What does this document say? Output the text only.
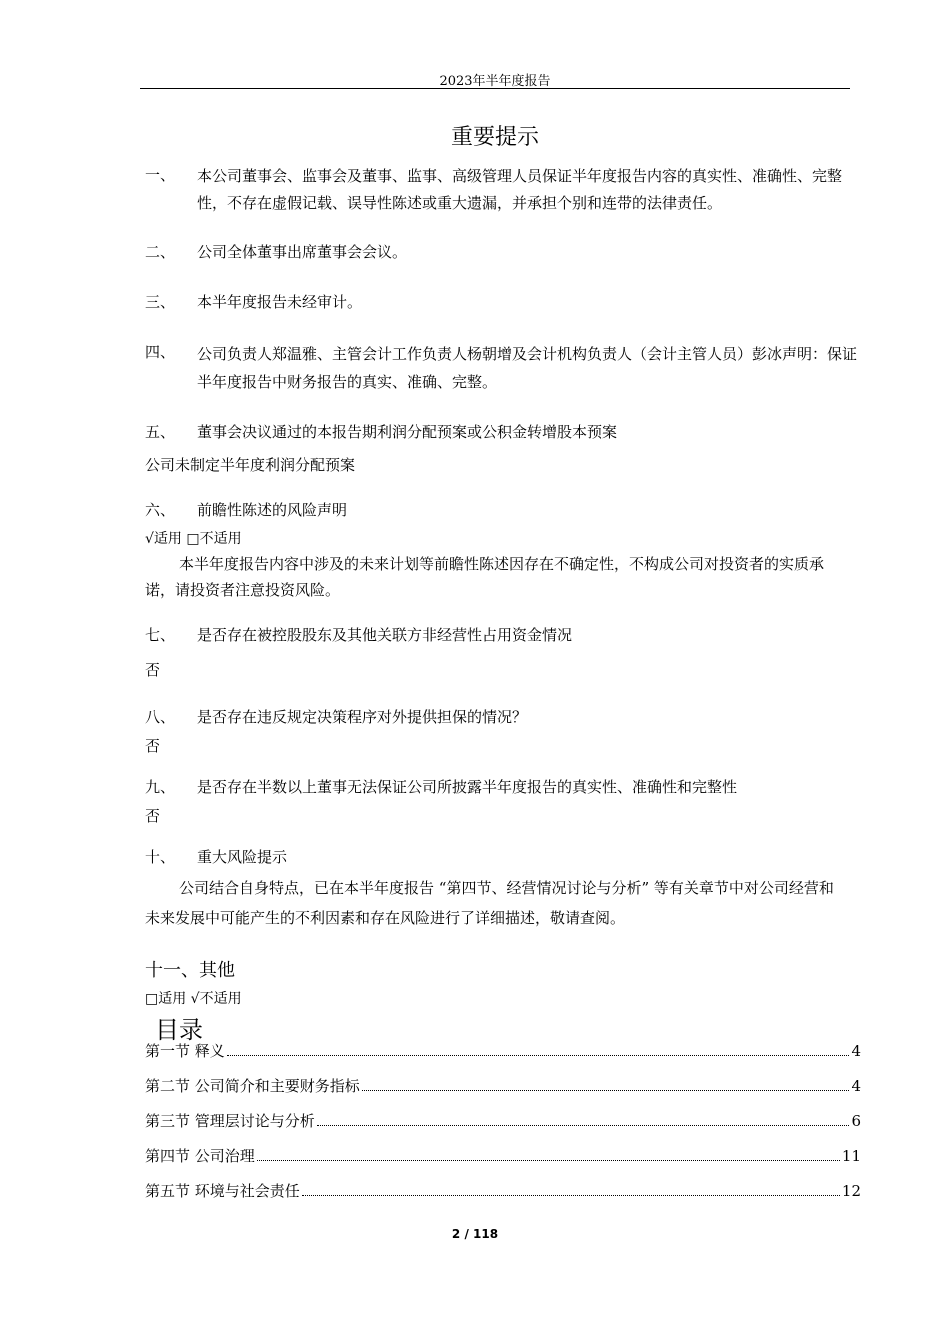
2023年半年度报告
重要提示
一、 本公司董事会、监事会及董事、监事、高级管理人员保证半年度报告内容的真实性、准确性、完整性，不存在虚假记载、误导性陈述或重大遗漏，并承担个别和连带的法律责任。
二、 公司全体董事出席董事会会议。
三、 本半年度报告未经审计。
四、 公司负责人郑温雅、主管会计工作负责人杨朝增及会计机构负责人（会计主管人员）彭冰声明：保证半年度报告中财务报告的真实、准确、完整。
五、 董事会决议通过的本报告期利润分配预案或公积金转增股本预案
公司未制定半年度利润分配预案
六、 前瞻性陈述的风险声明
√适用 □不适用
本半年度报告内容中涉及的未来计划等前瞻性陈述因存在不确定性，不构成公司对投资者的实质承诺，请投资者注意投资风险。
七、 是否存在被控股股东及其他关联方非经营性占用资金情况
否
八、 是否存在违反规定决策程序对外提供担保的情况？
否
九、 是否存在半数以上董事无法保证公司所披露半年度报告的真实性、准确性和完整性
否
十、 重大风险提示
公司结合自身特点，已在本半年度报告 “第四节、经营情况讨论与分析” 等有关章节中对公司经营和未来发展中可能产生的不利因素和存在风险进行了详细描述，敬请查阅。
十一、其他
□适用 √不适用
目录
第一节 释义	4
第二节 公司简介和主要财务指标	4
第三节 管理层讨论与分析	6
第四节 公司治理	11
第五节 环境与社会责任	12
2 / 118
